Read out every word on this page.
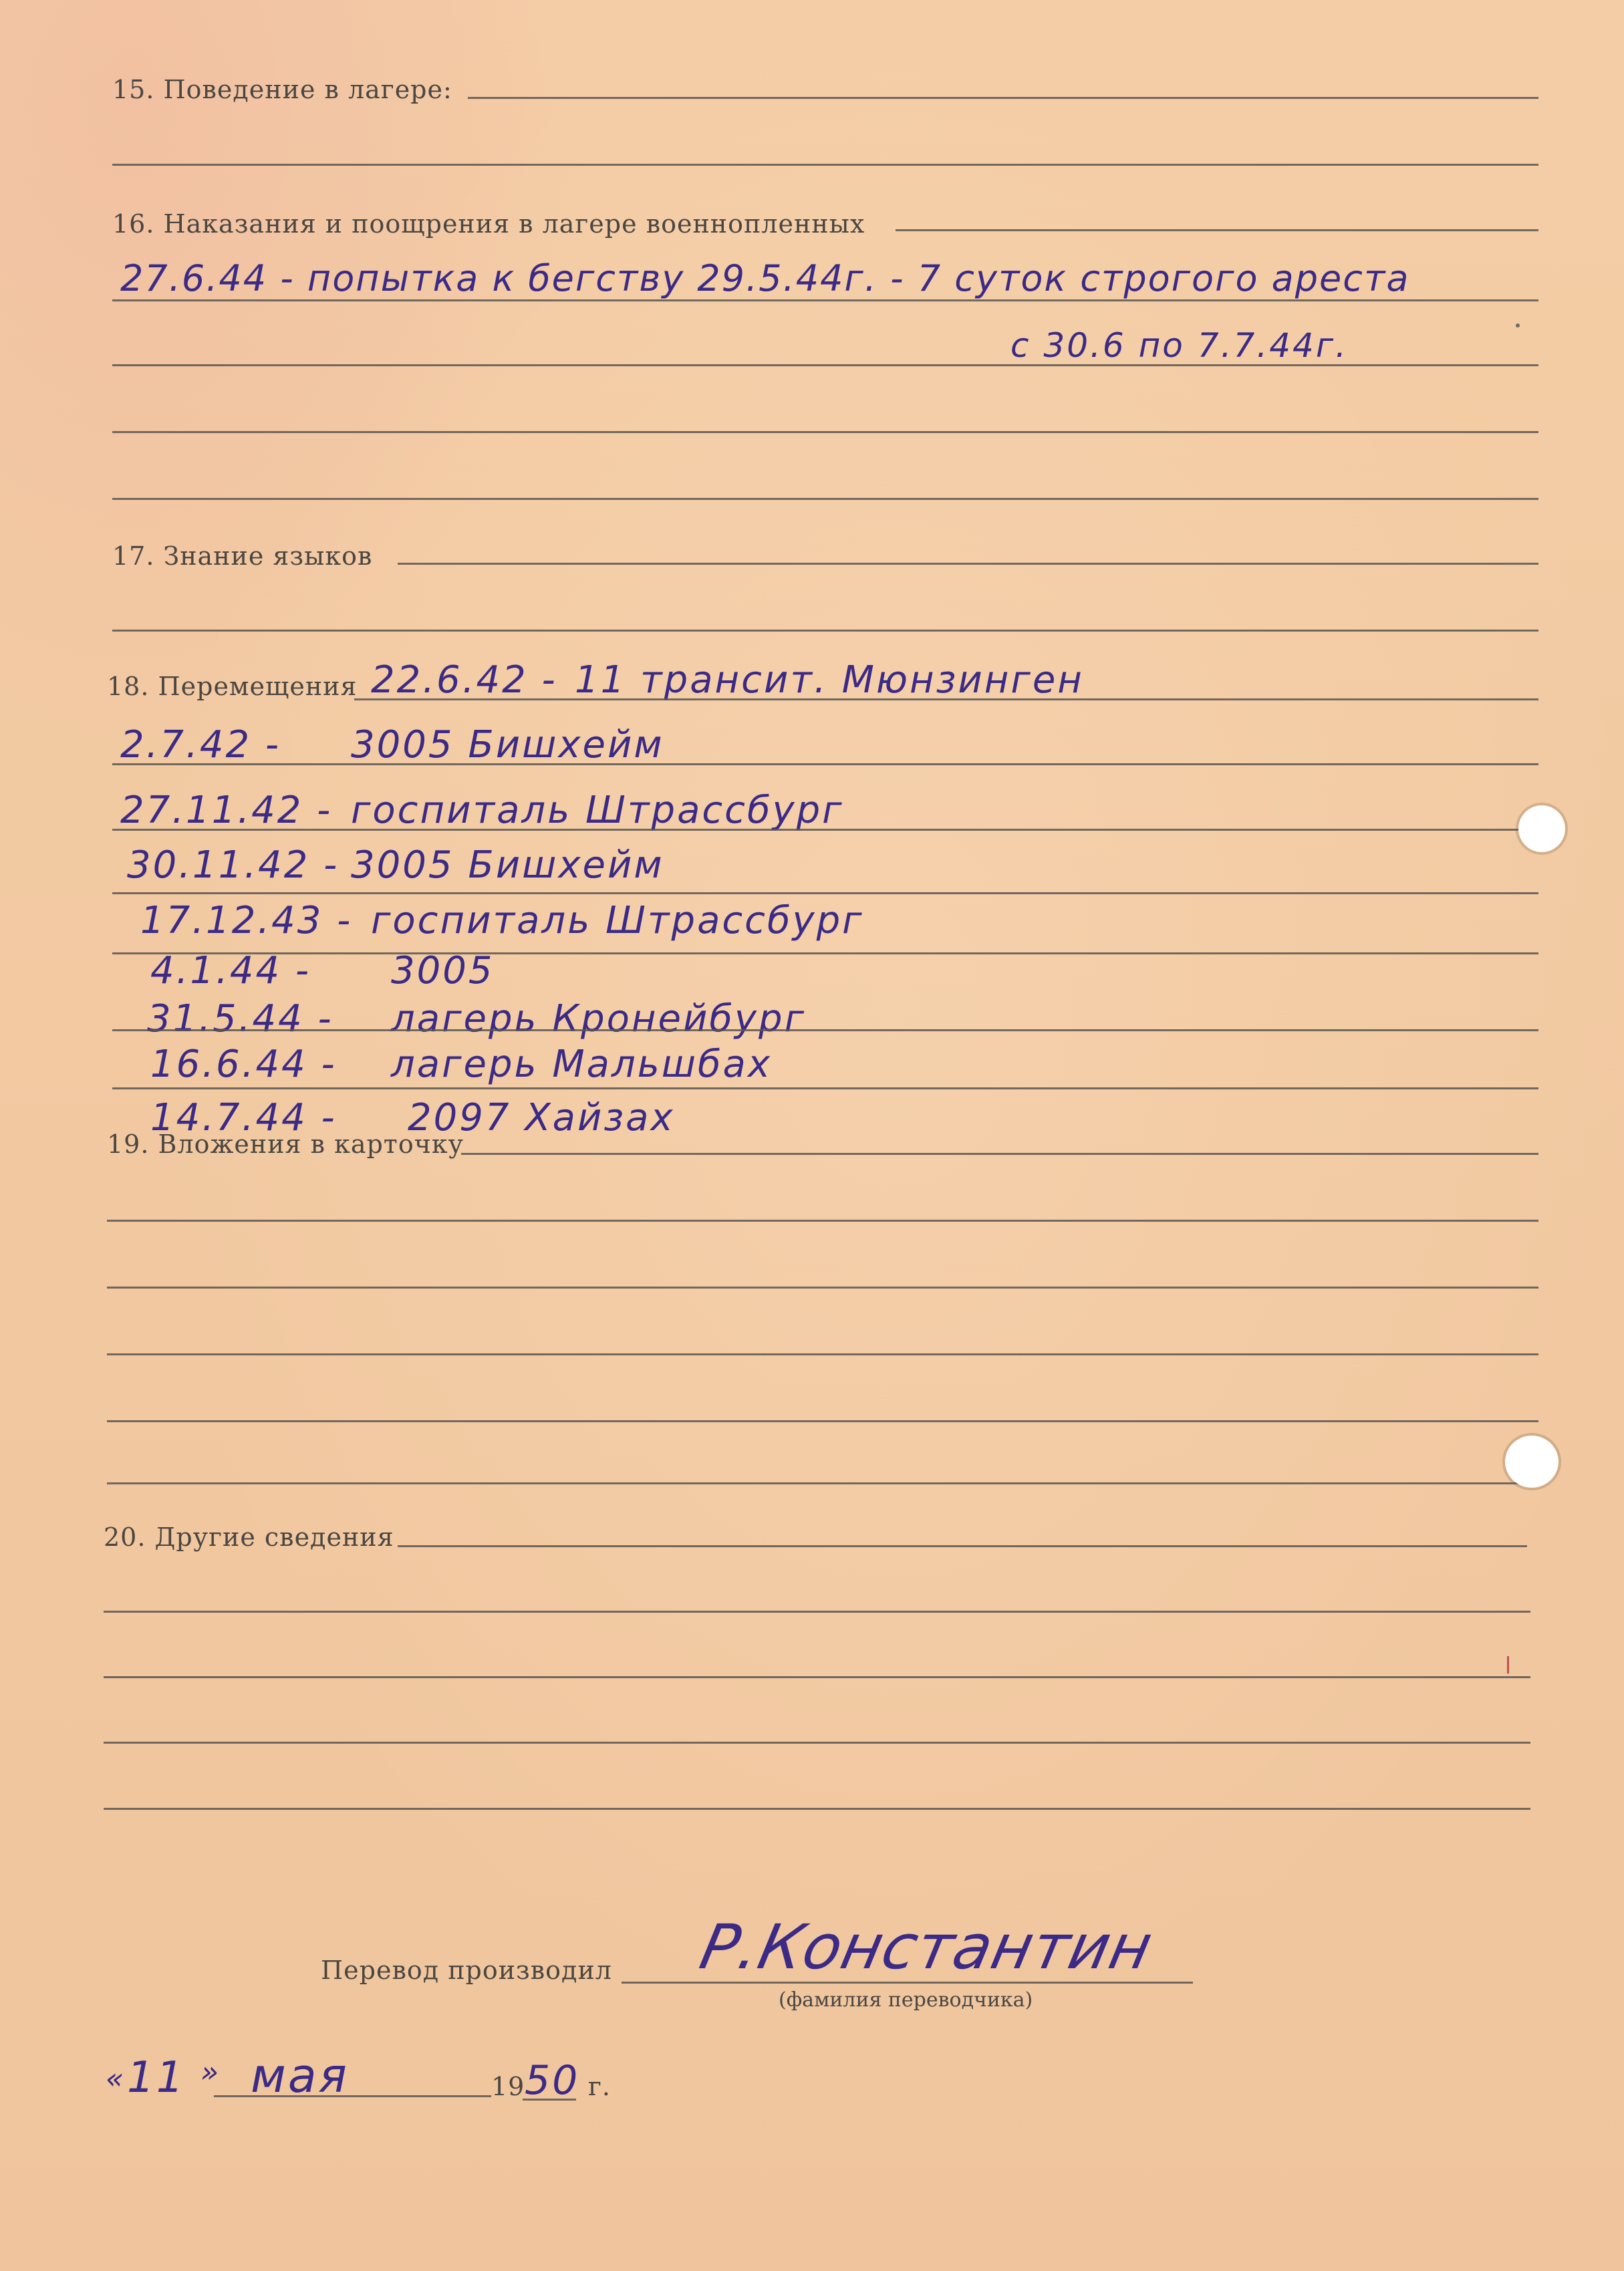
15. Поведение в лагере:
16. Наказания и поощрения в лагере военнопленных
27.6.44 - попытка к бегству 29.5.44г. - 7 суток строгого ареста
с 30.6 по 7.7.44г.
17. Знание языков
18. Перемещения 22.6.42 - 11 трансит. Мюнзинген
2.7.42 - 3005 Бишхейм
27.11.42 - госпиталь Штрассбург
30.11.42 - 3005 Бишхейм
17.12.43 - госпиталь Штрассбург
4.1.44 - 3005
31.5.44 - лагерь Кронейбург
16.6.44 - лагерь Мальшбах
14.7.44 - 2097 Хайзах
19. Вложения в карточку
20. Другие сведения
Перевод производил
(фамилия переводчика)
Р.Константин
« 11 » мая	19 50 г.
